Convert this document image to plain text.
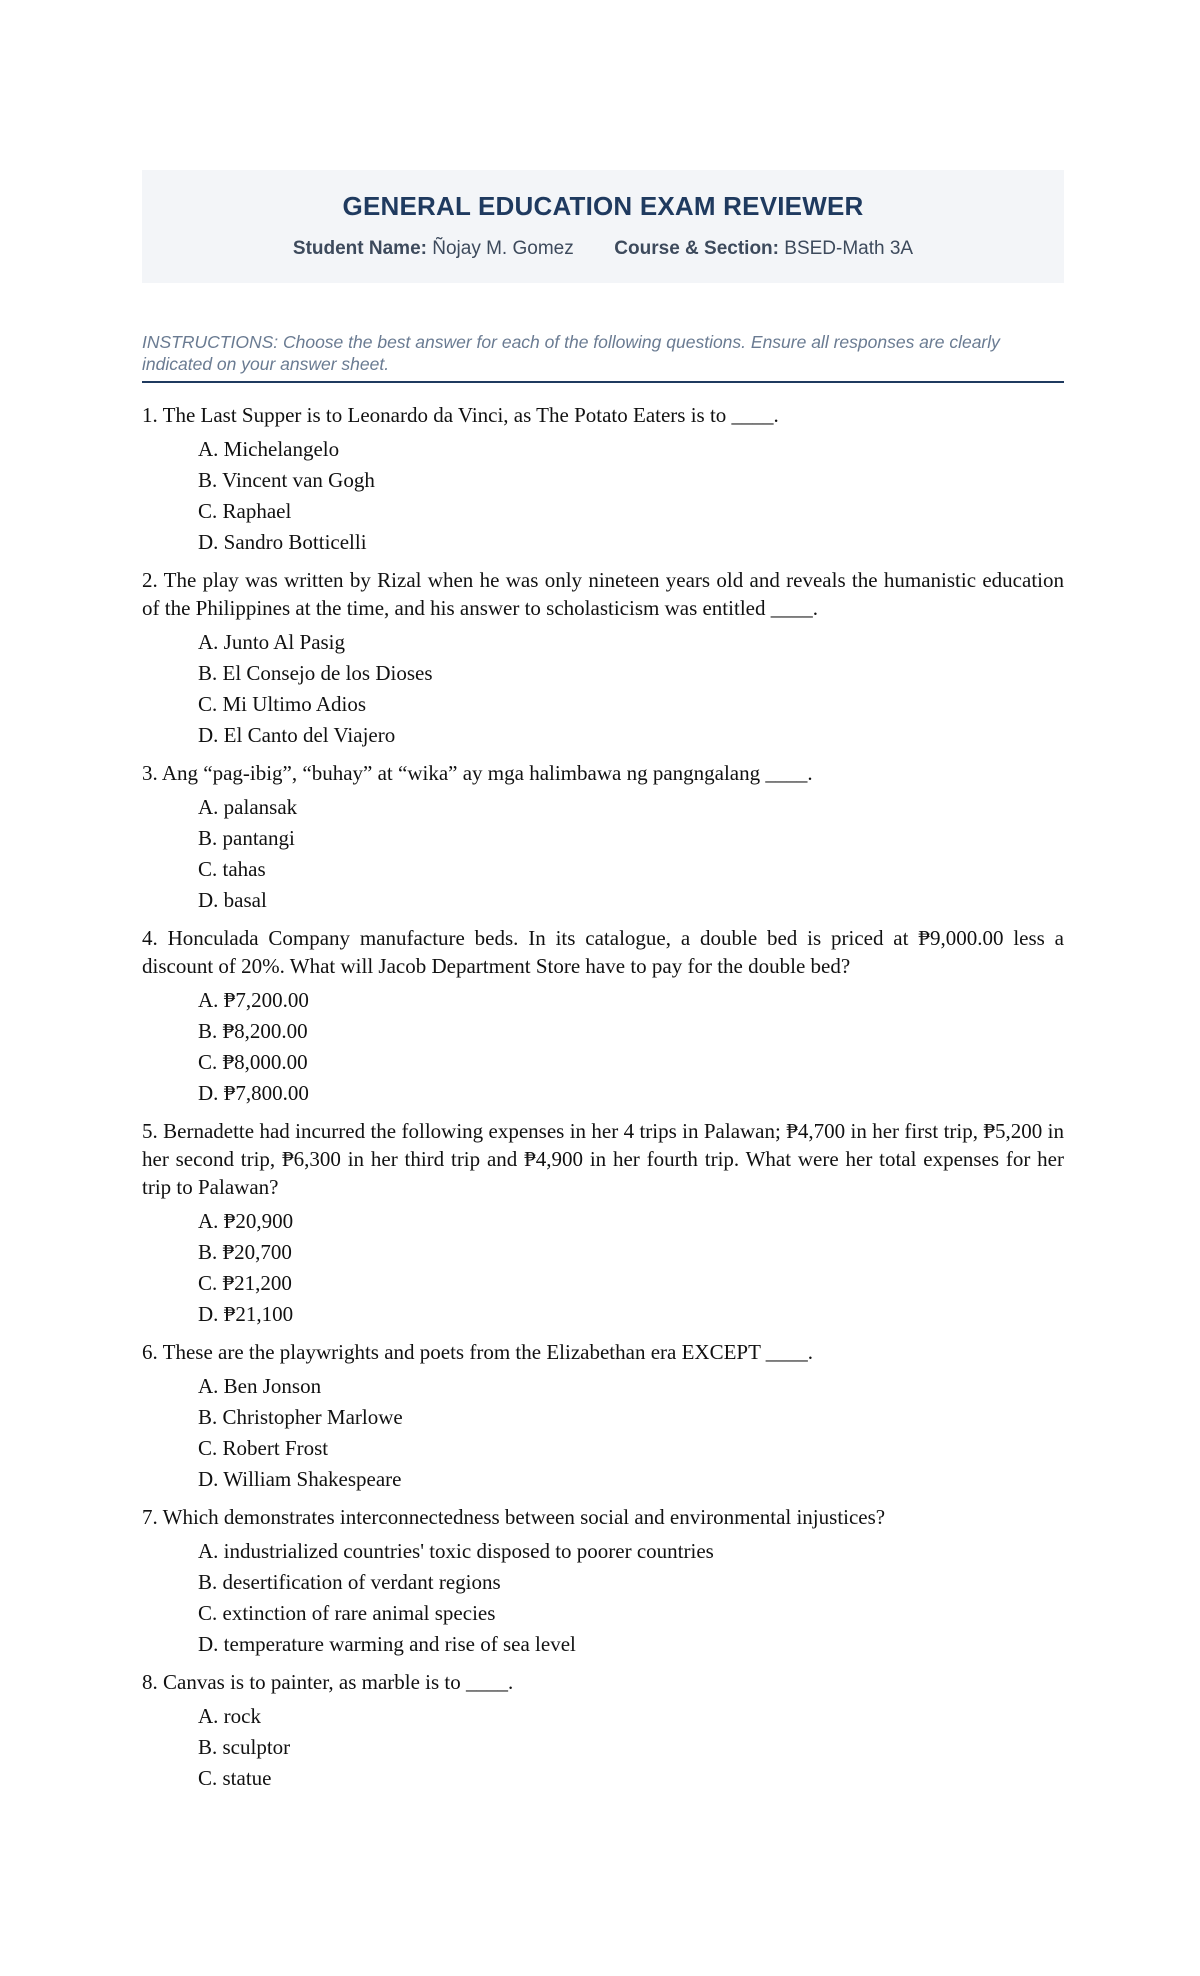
GENERAL EDUCATION EXAM REVIEWER
Student Name: Ñojay M. Gomez Course & Section: BSED-Math 3A
INSTRUCTIONS: Choose the best answer for each of the following questions. Ensure all responses are clearly indicated on your answer sheet.
1. The Last Supper is to Leonardo da Vinci, as The Potato Eaters is to ____.
A. Michelangelo
B. Vincent van Gogh
C. Raphael
D. Sandro Botticelli
2. The play was written by Rizal when he was only nineteen years old and reveals the humanistic education of the Philippines at the time, and his answer to scholasticism was entitled ____.
A. Junto Al Pasig
B. El Consejo de los Dioses
C. Mi Ultimo Adios
D. El Canto del Viajero
3. Ang “pag-ibig”, “buhay” at “wika” ay mga halimbawa ng pangngalang ____.
A. palansak
B. pantangi
C. tahas
D. basal
4. Honculada Company manufacture beds. In its catalogue, a double bed is priced at ₱9,000.00 less a discount of 20%. What will Jacob Department Store have to pay for the double bed?
A. ₱7,200.00
B. ₱8,200.00
C. ₱8,000.00
D. ₱7,800.00
5. Bernadette had incurred the following expenses in her 4 trips in Palawan; ₱4,700 in her first trip, ₱5,200 in her second trip, ₱6,300 in her third trip and ₱4,900 in her fourth trip. What were her total expenses for her trip to Palawan?
A. ₱20,900
B. ₱20,700
C. ₱21,200
D. ₱21,100
6. These are the playwrights and poets from the Elizabethan era EXCEPT ____.
A. Ben Jonson
B. Christopher Marlowe
C. Robert Frost
D. William Shakespeare
7. Which demonstrates interconnectedness between social and environmental injustices?
A. industrialized countries' toxic disposed to poorer countries
B. desertification of verdant regions
C. extinction of rare animal species
D. temperature warming and rise of sea level
8. Canvas is to painter, as marble is to ____.
A. rock
B. sculptor
C. statue
